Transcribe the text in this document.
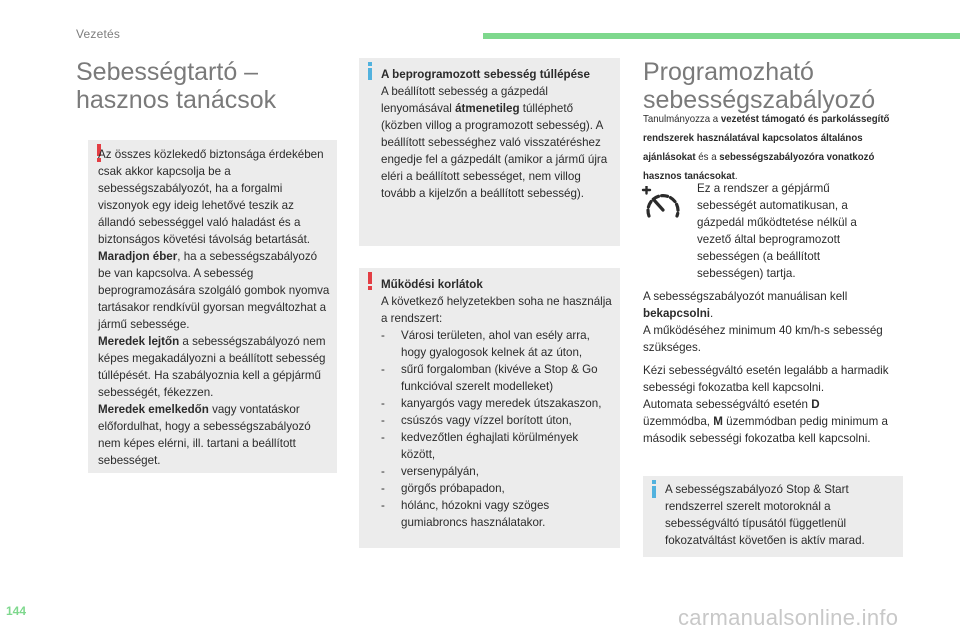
Vezetés
Sebességtartó – hasznos tanácsok
Az összes közlekedő biztonsága érdekében csak akkor kapcsolja be a sebességszabályozót, ha a forgalmi viszonyok egy ideig lehetővé teszik az állandó sebességgel való haladást és a biztonságos követési távolság betartását.
Maradjon éber, ha a sebességszabályozó be van kapcsolva. A sebesség beprogramozására szolgáló gombok nyomva tartásakor rendkívül gyorsan megváltozhat a jármű sebessége.
Meredek lejtőn a sebességszabályozó nem képes megakadályozni a beállított sebesség túllépését. Ha szabályoznia kell a gépjármű sebességét, fékezzen.
Meredek emelkedőn vagy vontatáskor előfordulhat, hogy a sebességszabályozó nem képes elérni, ill. tartani a beállított sebességet.
A beprogramozott sebesség túllépése
A beállított sebesség a gázpedál lenyomásával átmenetileg túlléphető (közben villog a programozott sebesség). A beállított sebességhez való visszatéréshez engedje fel a gázpedált (amikor a jármű újra eléri a beállított sebességet, nem villog tovább a kijelzőn a beállított sebesség).
Működési korlátok
A következő helyzetekben soha ne használja a rendszert:
- Városi területen, ahol van esély arra, hogy gyalogosok kelnek át az úton,
- sűrű forgalomban (kivéve a Stop & Go funkcióval szerelt modelleket)
- kanyargós vagy meredek útszakaszon,
- csúszós vagy vízzel borított úton,
- kedvezőtlen éghajlati körülmények között,
- versenypályán,
- görgős próbapadon,
- hólánc, hózokni vagy szöges gumiabroncs használatakor.
Programozható sebességszabályozó
Tanulmányozza a vezetést támogató és parkolássegítő rendszerek használatával kapcsolatos általános ajánlásokat és a sebességszabályozóra vonatkozó hasznos tanácsokat.
Ez a rendszer a gépjármű sebességét automatikusan, a gázpedál működtetése nélkül a vezető által beprogramozott sebességen (a beállított sebességen) tartja.
A sebességszabályozót manuálisan kell bekapcsolni.
A működéséhez minimum 40 km/h-s sebesség szükséges.
Kézi sebességváltó esetén legalább a harmadik sebességi fokozatba kell kapcsolni.
Automata sebességváltó esetén D
üzemmódba, M üzemmódban pedig minimum a második sebességi fokozatba kell kapcsolni.
A sebességszabályozó Stop & Start rendszerrel szerelt motoroknál a sebességváltó típusától függetlenül fokozatváltást követően is aktív marad.
144	carmanualsonline.info
